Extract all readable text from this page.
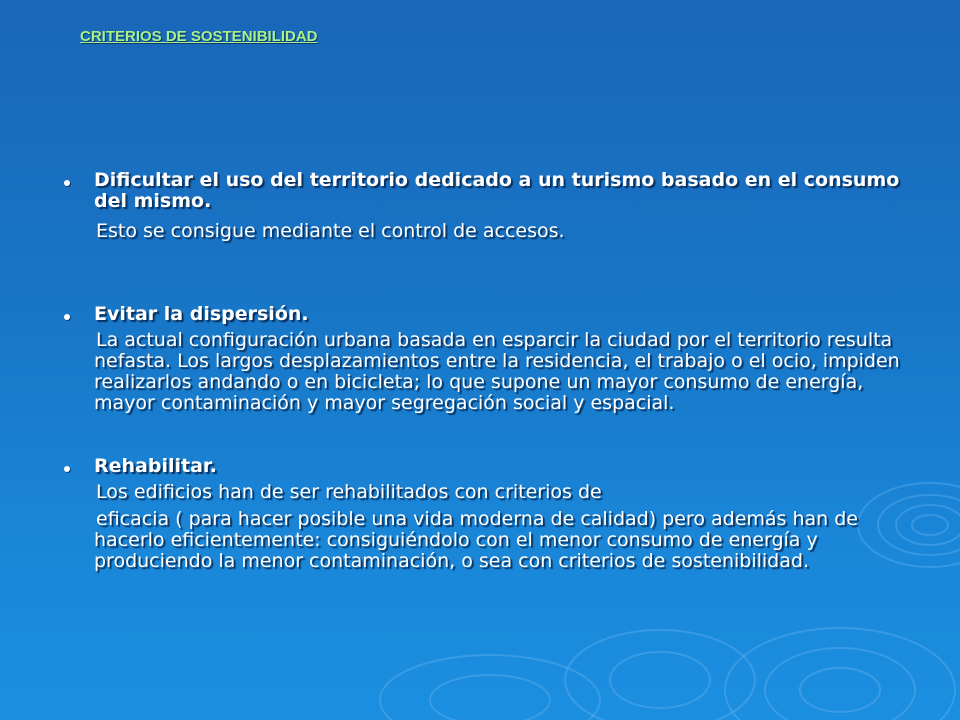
CRITERIOS DE SOSTENIBILIDAD
Dificultar el uso del territorio dedicado a un turismo basado en el consumo del mismo.

Esto se consigue mediante el control de accesos.

Evitar la dispersión.

La actual configuración urbana basada en esparcir la ciudad por el territorio resulta nefasta. Los largos desplazamientos entre la residencia, el trabajo o el ocio, impiden realizarlos andando o en bicicleta; lo que supone un mayor consumo de energía, mayor contaminación y mayor segregación social y espacial.

Rehabilitar.

Los edificios han de ser rehabilitados con criterios de

eficacia ( para hacer posible una vida moderna de calidad) pero además han de hacerlo eficientemente: consiguiéndolo con el menor consumo de energía y produciendo la menor contaminación, o sea con criterios de sostenibilidad.
